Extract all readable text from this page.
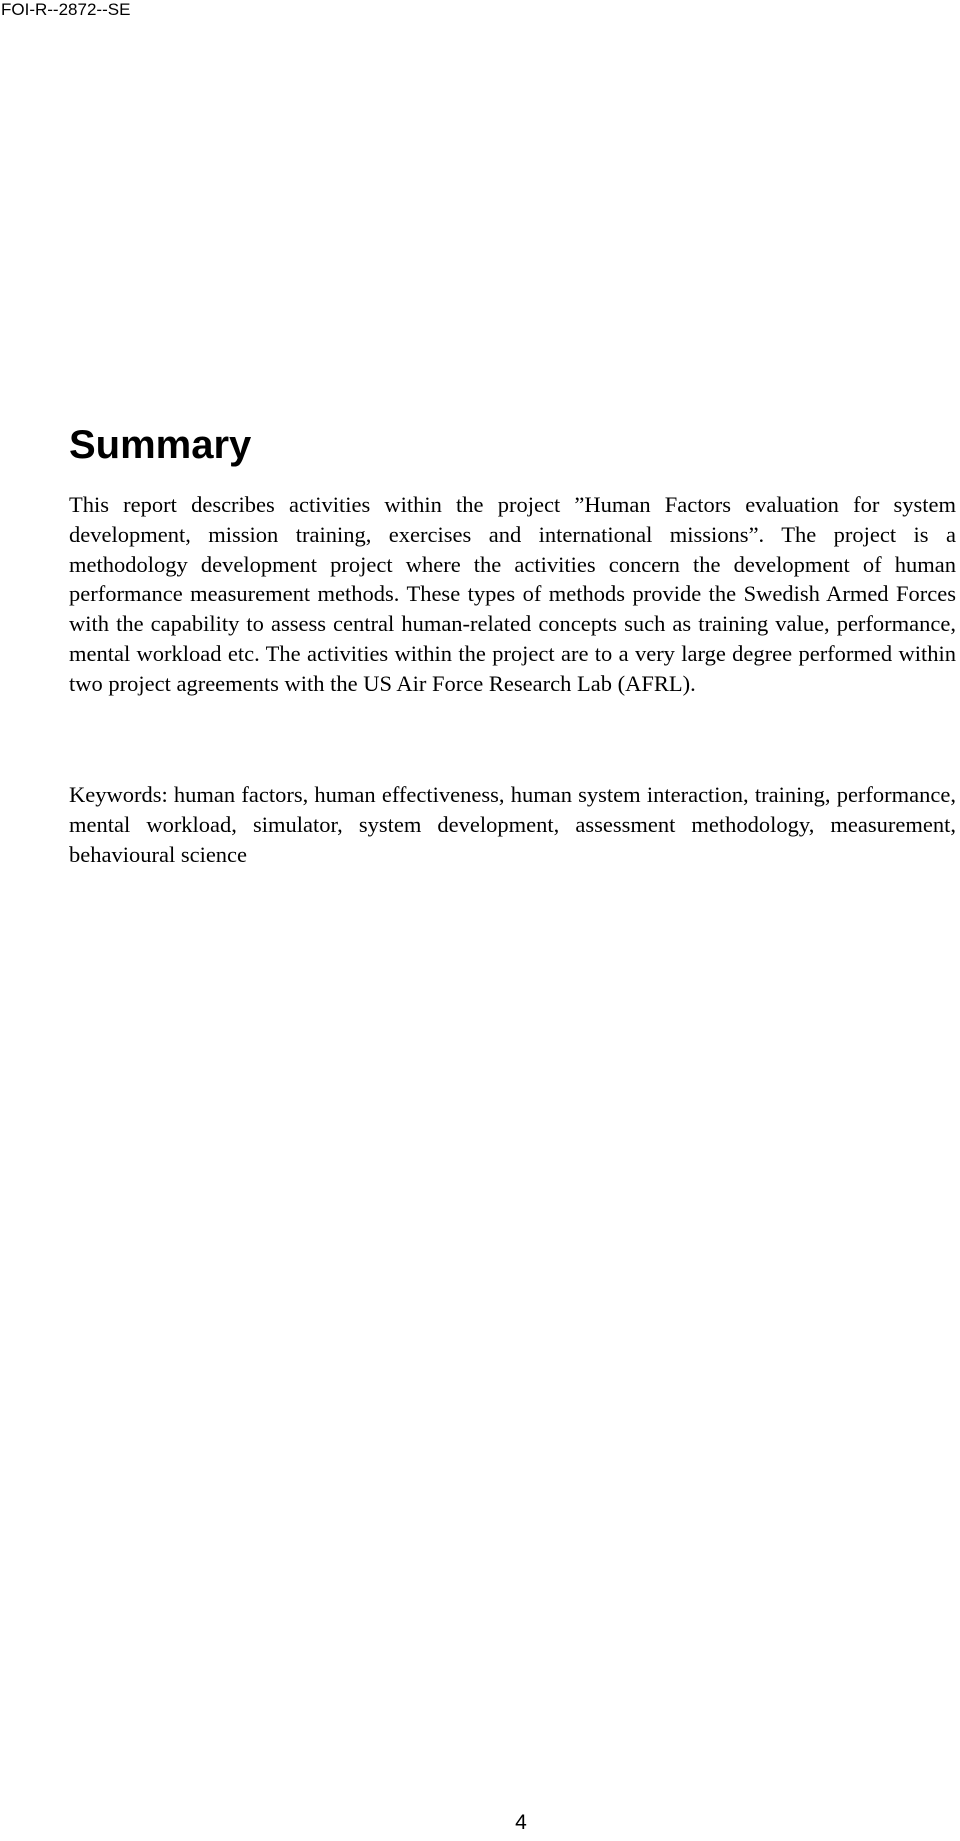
FOI-R--2872--SE
Summary

This report describes activities within the project ”Human Factors evaluation for system development, mission training, exercises and international missions”. The project is a methodology development project where the activities concern the development of human performance measurement methods. These types of methods provide the Swedish Armed Forces with the capability to assess central human-related concepts such as training value, performance, mental workload etc. The activities within the project are to a very large degree performed within two project agreements with the US Air Force Research Lab (AFRL).

Keywords: human factors, human effectiveness, human system interaction, training, performance, mental workload, simulator, system development, assessment methodology, measurement, behavioural science

4
